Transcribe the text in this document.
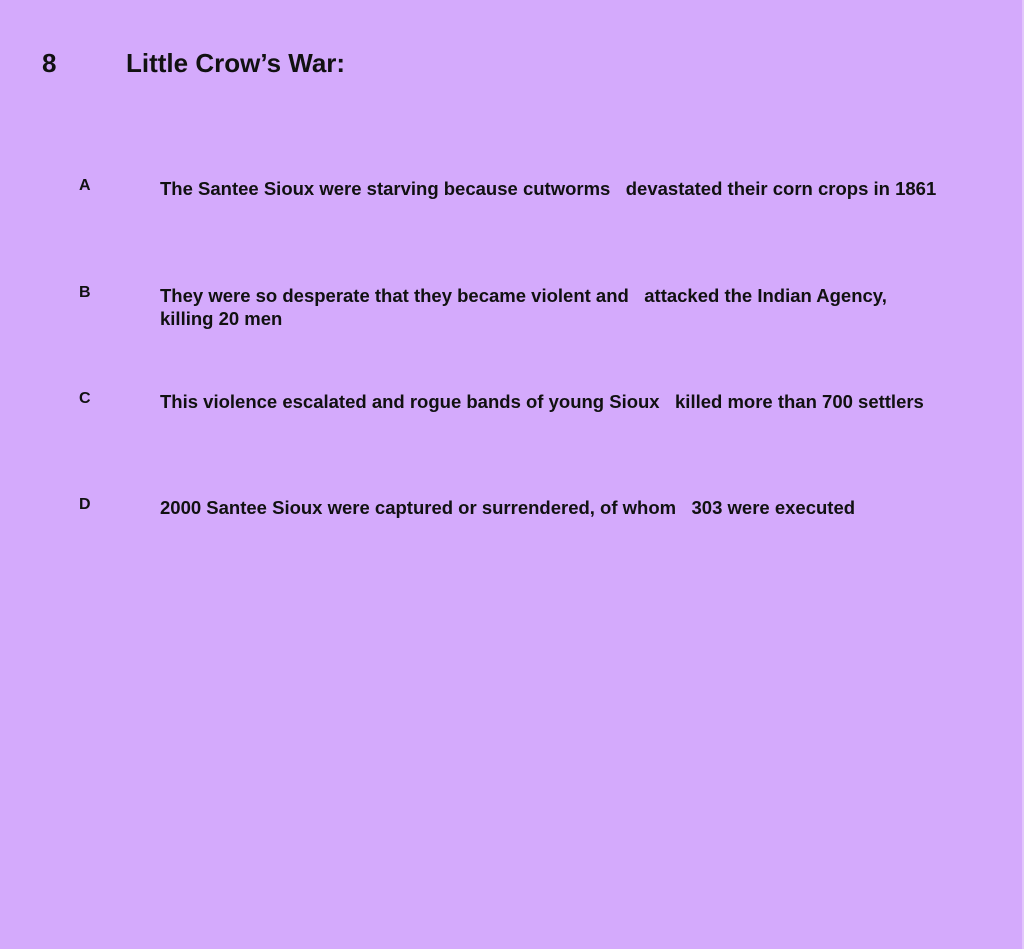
8	Little Crow’s War:
A	The Santee Sioux were starving because cutworms   devastated their corn crops in 1861
B	They were so desperate that they became violent and   attacked the Indian Agency,
killing 20 men
C	This violence escalated and rogue bands of young Sioux   killed more than 700 settlers
D	2000 Santee Sioux were captured or surrendered, of whom   303 were executed
